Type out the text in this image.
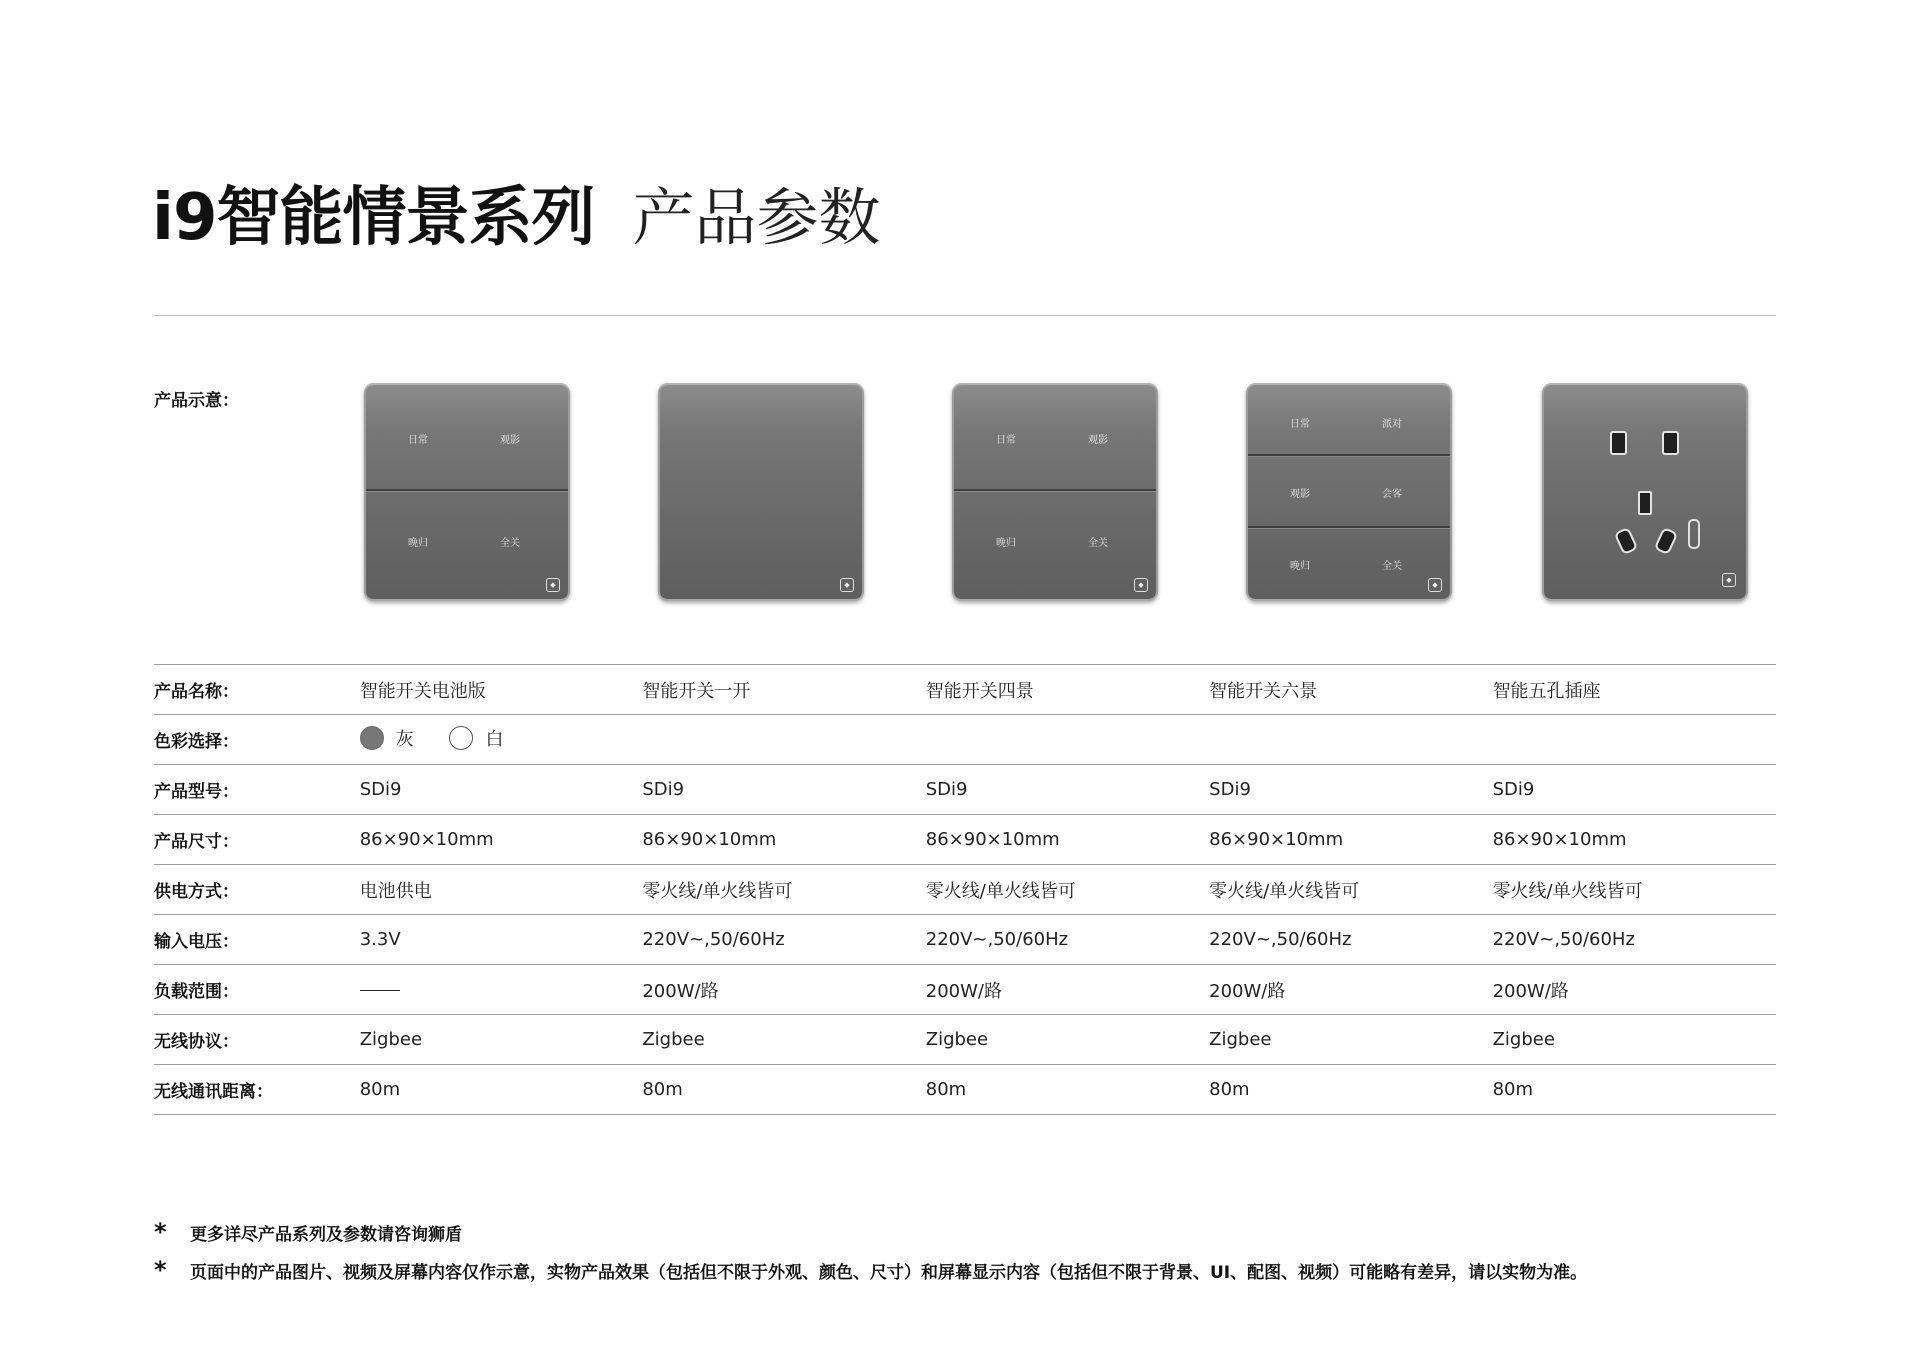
i9智能情景系列 产品参数
产品示意：
日常	观影
晚归	全关
◆	◆
日常	观影
晚归	全关
◆
日常	派对
观影	会客
晚归	全关
◆
◆
产品名称：	智能开关电池版	智能开关一开	智能开关四景	智能开关六景	智能五孔插座
色彩选择：	灰
白				

产品型号：	SDi9	SDi9	SDi9	SDi9	SDi9
产品尺寸：	86×90×10mm	86×90×10mm	86×90×10mm	86×90×10mm	86×90×10mm
供电方式：	电池供电	零火线/单火线皆可	零火线/单火线皆可	零火线/单火线皆可	零火线/单火线皆可
输入电压：	3.3V	220V~,50/60Hz	220V~,50/60Hz	220V~,50/60Hz	220V~,50/60Hz
负载范围：		200W/路	200W/路	200W/路	200W/路
无线协议：	Zigbee	Zigbee	Zigbee	Zigbee	Zigbee
无线通讯距离：	80m	80m	80m	80m	80m
*	更多详尽产品系列及参数请咨询狮盾
*	页面中的产品图片、视频及屏幕内容仅作示意，实物产品效果（包括但不限于外观、颜色、尺寸）和屏幕显示内容（包括但不限于背景、UI、配图、视频）可能略有差异，请以实物为准。
